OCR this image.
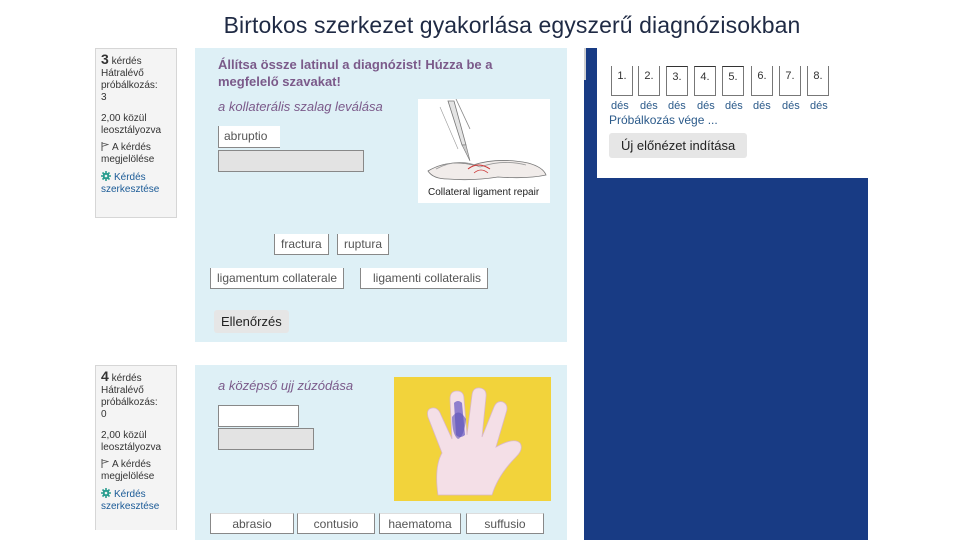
Birtokos szerkezet gyakorlása egyszerű diagnózisokban
3 kérdés
Hátralévő
próbálkozás:
3
2,00 közül
leosztályozva
A kérdés
megjelölése
Kérdés
szerkesztése
Állítsa össze latinul a diagnózist! Húzza be a
megfelelő szavakat!
a kollaterális szalag leválása
abruptio
Collateral ligament repair
fractura	ruptura
ligamentum collaterale	ligamenti collateralis
Ellenőrzés
4 kérdés
Hátralévő
próbálkozás:
0
2,00 közül
leosztályozva
A kérdés
megjelölése
Kérdés
szerkesztése
a középső ujj zúzódása
abrasio	contusio	haematoma	suffusio
1.	2.	3.	4.	5.	6.	7.	8.
dés dés dés dés dés dés dés dés
Próbálkozás vége ...
Új előnézet indítása
